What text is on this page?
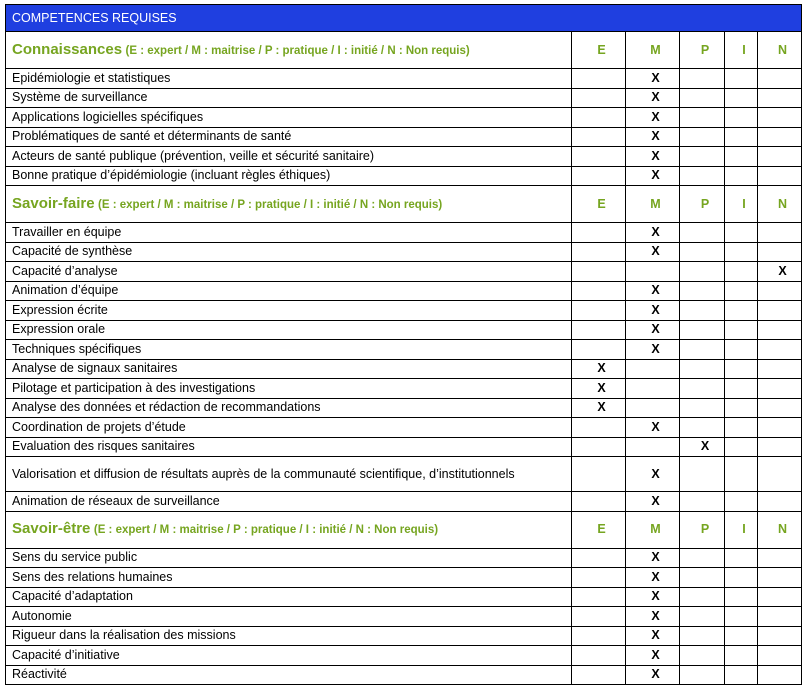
COMPETENCES REQUISES					
Connaissances (E : expert / M : maitrise / P : pratique / I : initié / N : Non requis)	E	M	P	I	N
Epidémiologie et statistiques		X			
Système de surveillance		X			
Applications logicielles spécifiques		X			
Problématiques de santé et déterminants de santé		X			
Acteurs de santé publique (prévention, veille et sécurité sanitaire)		X			
Bonne pratique d’épidémiologie (incluant règles éthiques)		X			
Savoir-faire (E : expert / M : maitrise / P : pratique / I : initié / N : Non requis)	E	M	P	I	N
Travailler en équipe		X			
Capacité de synthèse		X			
Capacité d’analyse					X
Animation d’équipe		X			
Expression écrite		X			
Expression orale		X			
Techniques spécifiques		X			
Analyse de signaux sanitaires	X				
Pilotage et participation à des investigations	X				
Analyse des données et rédaction de recommandations	X				
Coordination de projets d’étude		X			
Evaluation des risques sanitaires			X		
Valorisation et diffusion de résultats auprès de la communauté scientifique, d’institutionnels		X			
Animation de réseaux de surveillance		X			
Savoir-être (E : expert / M : maitrise / P : pratique / I : initié / N : Non requis)	E	M	P	I	N
Sens du service public		X			
Sens des relations humaines		X			
Capacité d’adaptation		X			
Autonomie		X			
Rigueur dans la réalisation des missions		X			
Capacité d’initiative		X			
Réactivité		X			
